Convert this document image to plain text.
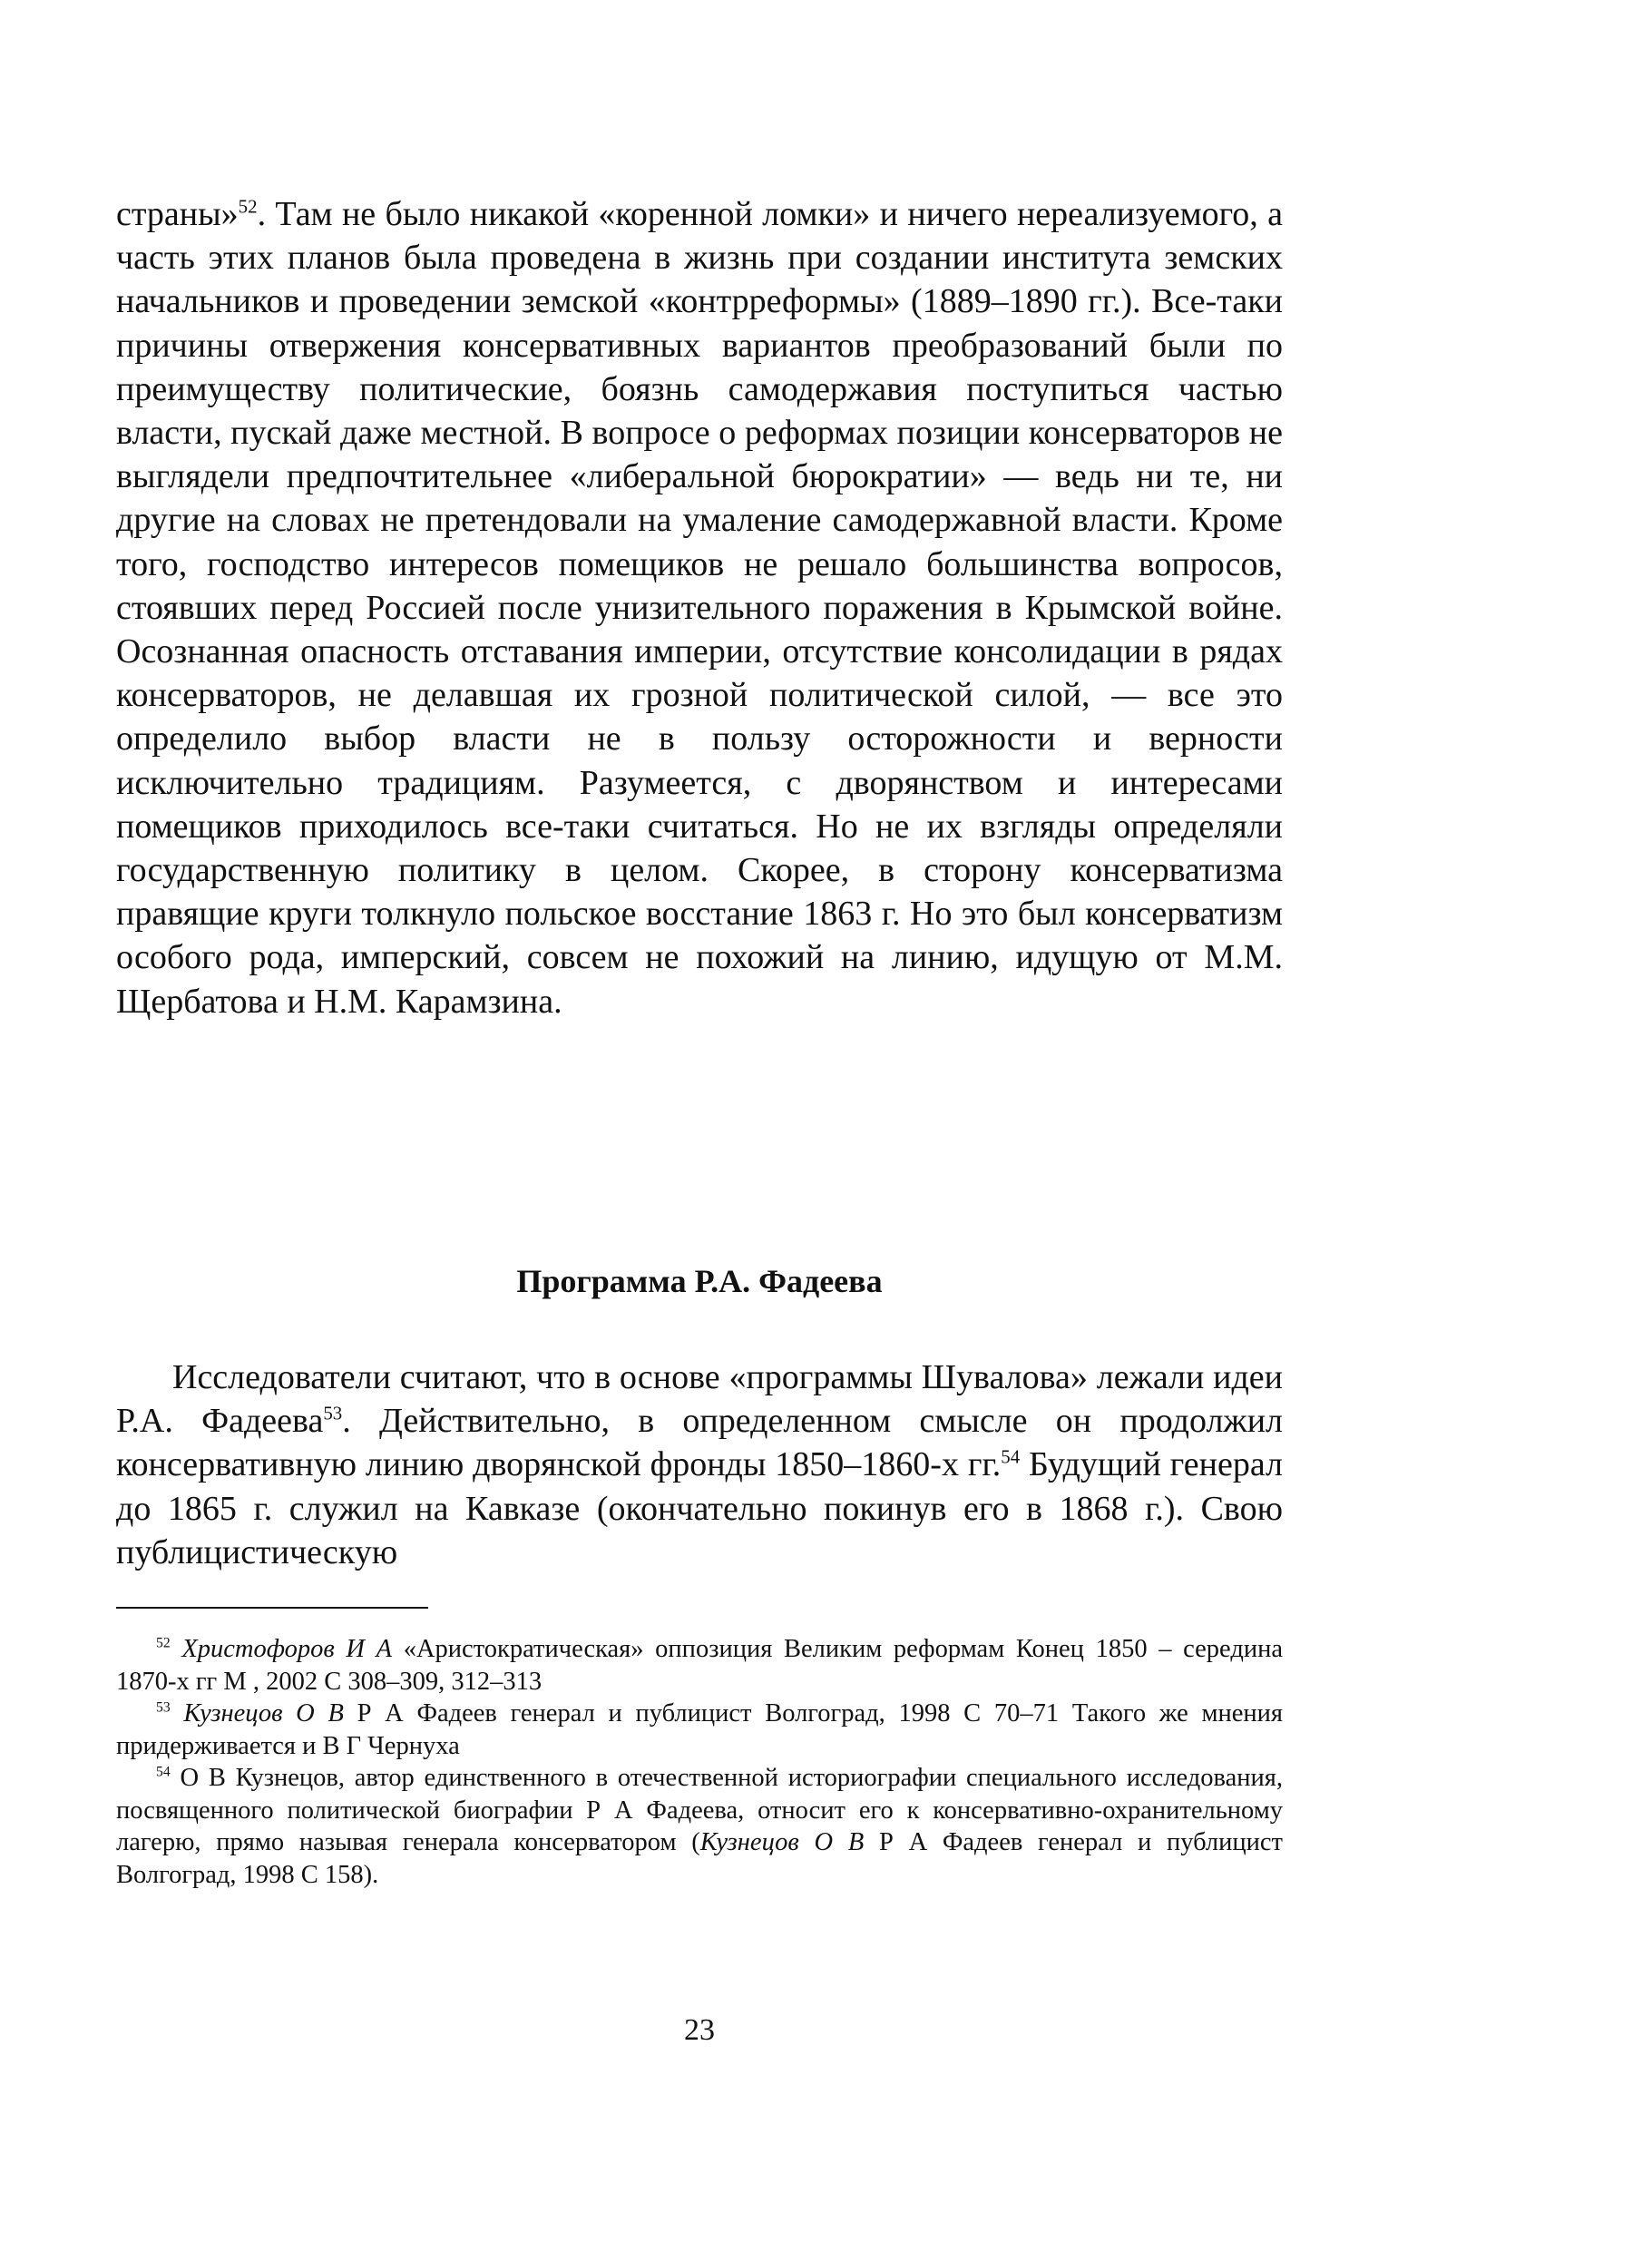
страны»$^{52}$. Там не было никакой «коренной ломки» и ничего нереализуемого, а часть этих планов была проведена в жизнь при создании института земских начальников и проведении земской «контрреформы» (1889–1890 гг.). Все-таки причины отвержения консервативных вариантов преобразований были по преимуществу политические, боязнь самодержавия поступиться частью власти, пускай даже местной. В вопросе о реформах позиции консерваторов не выглядели предпочтительнее «либеральной бюрократии» — ведь ни те, ни другие на словах не претендовали на умаление самодержавной власти. Кроме того, господство интересов помещиков не решало большинства вопросов, стоявших перед Россией после унизительного поражения в Крымской войне. Осознанная опасность отставания империи, отсутствие консолидации в рядах консерваторов, не делавшая их грозной политической силой, — все это определило выбор власти не в пользу осторожности и верности исключительно традициям. Разумеется, с дворянством и интересами помещиков приходилось все-таки считаться. Но не их взгляды определяли государственную политику в целом. Скорее, в сторону консерватизма правящие круги толкнуло польское восстание 1863 г. Но это был консерватизм особого рода, имперский, совсем не похожий на линию, идущую от М.М. Щербатова и Н.М. Карамзина.

Программа Р.А. Фадеева

Исследователи считают, что в основе «программы Шувалова» лежали идеи Р.А. Фадеева$^{53}$. Действительно, в определенном смысле он продолжил консервативную линию дворянской фронды 1850–1860-х гг.$^{54}$ Будущий генерал до 1865 г. служил на Кавказе (окончательно покинув его в 1868 г.). Свою публицистическую

$^{52}$ Христофоров И А «Аристократическая» оппозиция Великим реформам Конец 1850 – середина 1870-х гг М , 2002 С 308–309, 312–313

$^{53}$ Кузнецов О В Р А Фадеев генерал и публицист Волгоград, 1998 С 70–71 Такого же мнения придерживается и В Г Чернуха

$^{54}$ О В Кузнецов, автор единственного в отечественной историографии специального исследования, посвященного политической биографии Р А Фадеева, относит его к консервативно-охранительному лагерю, прямо называя генерала консерватором (Кузнецов О В Р А Фадеев генерал и публицист Волгоград, 1998 С 158).

23
